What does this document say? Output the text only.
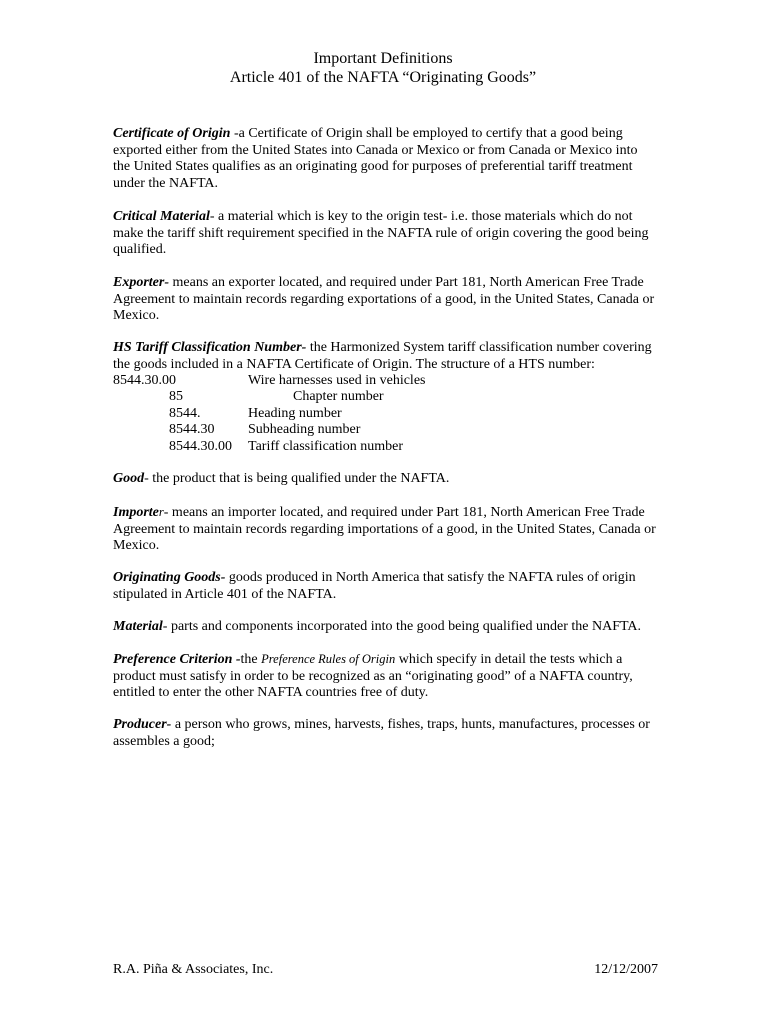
Important Definitions
Article 401 of the NAFTA “Originating Goods”
Certificate of Origin -a Certificate of Origin shall be employed to certify that a good being exported either from the United States into Canada or Mexico or from Canada or Mexico into the United States qualifies as an originating good for purposes of preferential tariff treatment under the NAFTA.
Critical Material- a material which is key to the origin test- i.e. those materials which do not make the tariff shift requirement specified in the NAFTA rule of origin covering the good being qualified.
Exporter- means an exporter located, and required under Part 181, North American Free Trade Agreement to maintain records regarding exportations of a good, in the United States, Canada or Mexico.
HS Tariff Classification Number- the Harmonized System tariff classification number covering the goods included in a NAFTA Certificate of Origin. The structure of a HTS number:
8544.30.00	Wire harnesses used in vehicles
85	Chapter number
8544.	Heading number
8544.30 Subheading number
8544.30.00 Tariff classification number
Good- the product that is being qualified under the NAFTA.
Importer- means an importer located, and required under Part 181, North American Free Trade Agreement to maintain records regarding importations of a good, in the United States, Canada or Mexico.
Originating Goods- goods produced in North America that satisfy the NAFTA rules of origin stipulated in Article 401 of the NAFTA.
Material- parts and components incorporated into the good being qualified under the NAFTA.
Preference Criterion -the Preference Rules of Origin which specify in detail the tests which a product must satisfy in order to be recognized as an “originating good” of a NAFTA country, entitled to enter the other NAFTA countries free of duty.
Producer- a person who grows, mines, harvests, fishes, traps, hunts, manufactures, processes or assembles a good;
R.A. Piña & Associates, Inc.	12/12/2007
